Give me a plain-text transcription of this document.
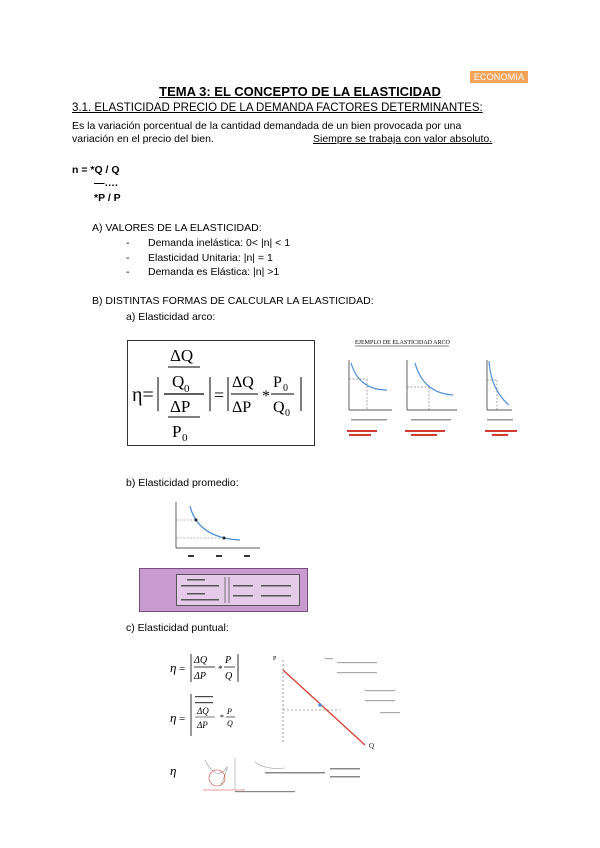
ECONOMIA
TEMA 3: EL CONCEPTO DE LA ELASTICIDAD
3.1. ELASTICIDAD PRECIO DE LA DEMANDA FACTORES DETERMINANTES:
Es la variación porcentual de la cantidad demandada de un bien provocada por una
variación en el precio del bien.	Siempre se trabaja con valor absoluto.
n = *Q / Q
—….
*P / P
A) VALORES DE LA ELASTICIDAD:
- Demanda inelástica: 0< |n| < 1
- Elasticidad Unitaria: |n| = 1
- Demanda es Elástica: |n| >1
B) DISTINTAS FORMAS DE CALCULAR LA ELASTICIDAD:
a) Elasticidad arco:
η=
ΔQ
Q 0
ΔP
P 0
=
ΔQ
ΔP
*
P 0
Q 0
EJEMPLO DE ELASTICIDAD ARCO
b) Elasticidad promedio:
c) Elasticidad puntual:
η =
ΔQ
ΔP
*
P
Q
η =
ΔQ
ΔP
*
P
Q
η
Q
P
